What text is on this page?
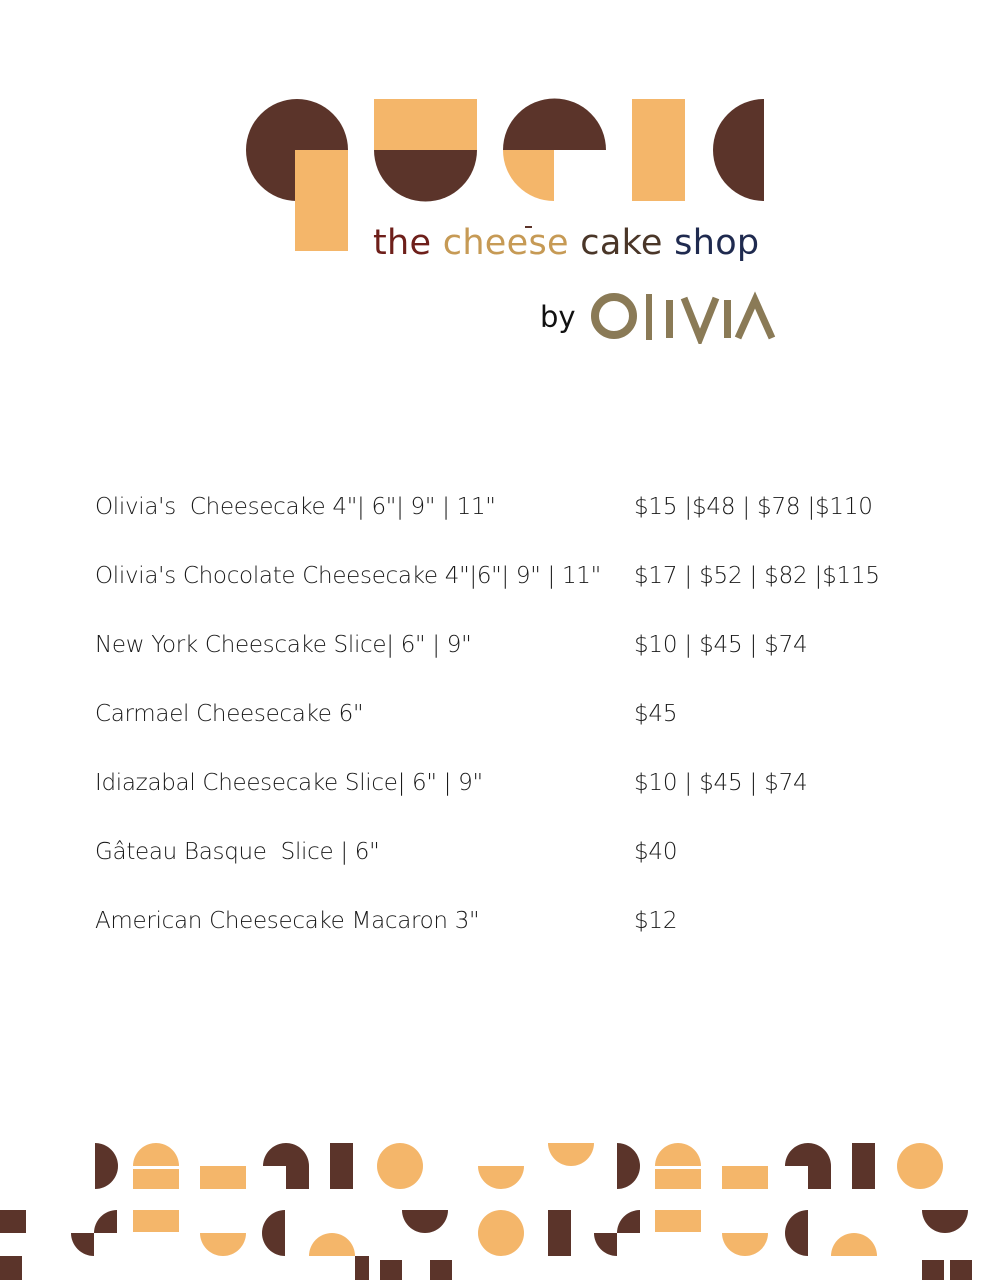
the cheese cake shop
by
Olivia's  Cheesecake 4"| 6"| 9" | 11"	$15 |$48 | $78 |$110
Olivia's Chocolate Cheesecake 4"|6"| 9" | 11" $17 | $52 | $82 |$115
New York Cheescake Slice| 6" | 9"	$10 | $45 | $74
Carmael Cheesecake 6"	$45
Idiazabal Cheesecake Slice| 6" | 9"	$10 | $45 | $74
Gâteau Basque  Slice | 6"	$40
American Cheesecake Macaron 3"	$12
